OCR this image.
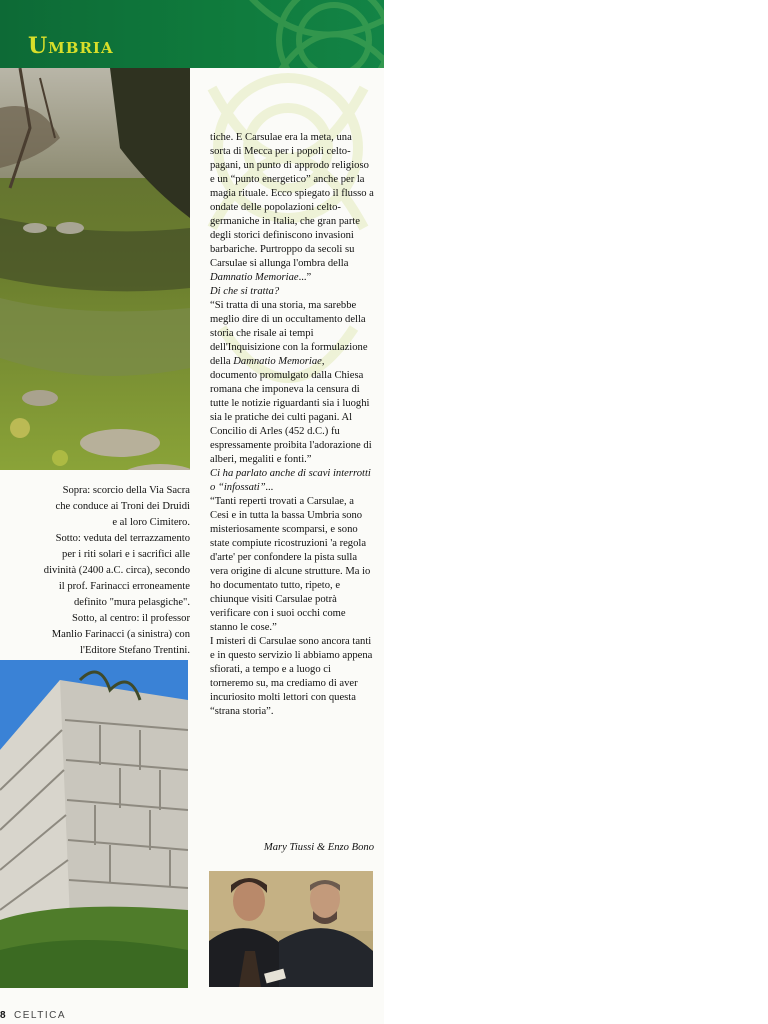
Umbria

Sopra: scorcio della Via Sacra

che conduce ai Troni dei Druidi

e al loro Cimitero.

Sotto: veduta del terrazzamento

per i riti solari e i sacrifici alle

divinità (2400 a.C. circa), secondo

il prof. Farinacci erroneamente

definito "mura pelasgiche".

Sotto, al centro: il professor

Manlio Farinacci (a sinistra) con

l'Editore Stefano Trentini.

tiche. E Carsulae era la meta, una sorta di Mecca per i popoli celto-pagani, un punto di approdo religioso e un “punto energetico” anche per la magia rituale. Ecco spiegato il flusso a ondate delle popolazioni celto-germaniche in Italia, che gran parte degli storici definiscono invasioni barbariche. Purtroppo da secoli su Carsulae si allunga l'ombra della Damnatio Memoriae...”

Di che si tratta?

“Si tratta di una storia, ma sarebbe meglio dire di un occultamento della storia che risale ai tempi dell'Inquisizione con la formulazione della Damnatio Memoriae, documento promulgato dalla Chiesa romana che imponeva la censura di tutte le notizie riguardanti sia i luoghi sia le pratiche dei culti pagani. Al Concilio di Arles (452 d.C.) fu espressamente proibita l'adorazione di alberi, megaliti e fonti.”

Ci ha parlato anche di scavi interrotti o “infossati”...

“Tanti reperti trovati a Carsulae, a Cesi e in tutta la bassa Umbria sono misteriosamente scomparsi, e sono state compiute ricostruzioni 'a regola d'arte' per confondere la pista sulla vera origine di alcune strutture. Ma io ho documentato tutto, ripeto, e chiunque visiti Carsulae potrà verificare con i suoi occhi come stanno le cose.”

I misteri di Carsulae sono ancora tanti e in questo servizio li abbiamo appena sfiorati, a tempo e a luogo ci torneremo su, ma crediamo di aver incuriosito molti lettori con questa “strana storia”.

Mary Tiussi & Enzo Bono
8 CELTICA
